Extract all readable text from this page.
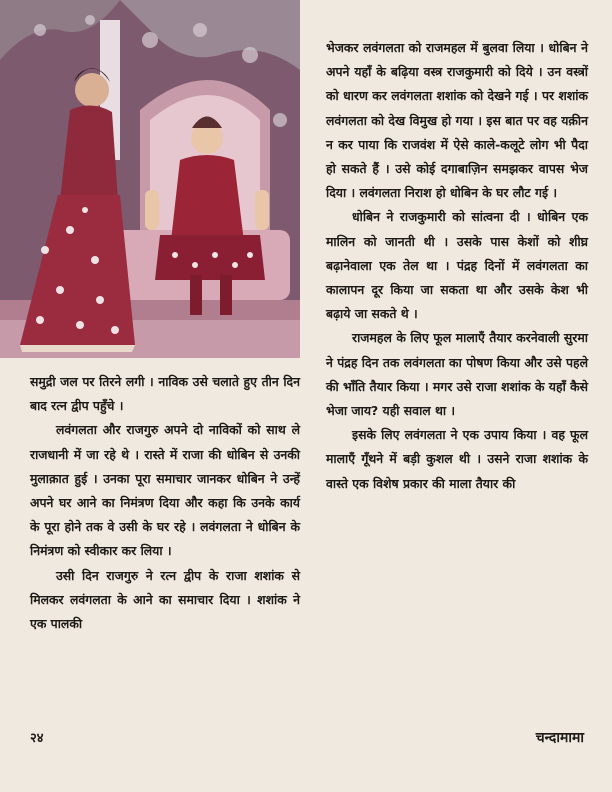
समुद्री जल पर तिरने लगी । नाविक उसे चलाते हुए तीन दिन बाद रत्न द्वीप पहुँचे ।

लवंगलता और राजगुरु अपने दो नाविकों को साथ ले राजधानी में जा रहे थे । रास्ते में राजा की धोबिन से उनकी मुलाक़ात हुई । उनका पूरा समाचार जानकर धोबिन ने उन्हें अपने घर आने का निमंत्रण दिया और कहा कि उनके कार्य के पूरा होने तक वे उसी के घर रहे । लवंगलता ने धोबिन के निमंत्रण को स्वीकार कर लिया ।

उसी दिन राजगुरु ने रत्न द्वीप के राजा शशांक से मिलकर लवंगलता के आने का समाचार दिया । शशांक ने एक पालकी

भेजकर लवंगलता को राजमहल में बुलवा लिया । धोबिन ने अपने यहाँ के बढ़िया वस्त्र राजकुमारी को दिये । उन वस्त्रों को धारण कर लवंगलता शशांक को देखने गई । पर शशांक लवंगलता को देख विमुख हो गया । इस बात पर वह यक़ीन न कर पाया कि राजवंश में ऐसे काले-कलूटे लोग भी पैदा हो सकते हैं । उसे कोई दगाबाज़िन समझकर वापस भेज दिया । लवंगलता निराश हो धोबिन के घर लौट गई ।

धोबिन ने राजकुमारी को सांत्वना दी । धोबिन एक मालिन को जानती थी । उसके पास केशों को शीघ्र बढ़ानेवाला एक तेल था । पंद्रह दिनों में लवंगलता का कालापन दूर किया जा सकता था और उसके केश भी बढ़ाये जा सकते थे ।

राजमहल के लिए फूल मालाएँ तैयार करनेवाली सुरमा ने पंद्रह दिन तक लवंगलता का पोषण किया और उसे पहले की भाँति तैयार किया । मगर उसे राजा शशांक के यहाँ कैसे भेजा जाय? यही सवाल था ।

इसके लिए लवंगलता ने एक उपाय किया । वह फूल मालाएँ गूँथने में बड़ी कुशल थी । उसने राजा शशांक के वास्ते एक विशेष प्रकार की माला तैयार की

२४	चन्दामामा
